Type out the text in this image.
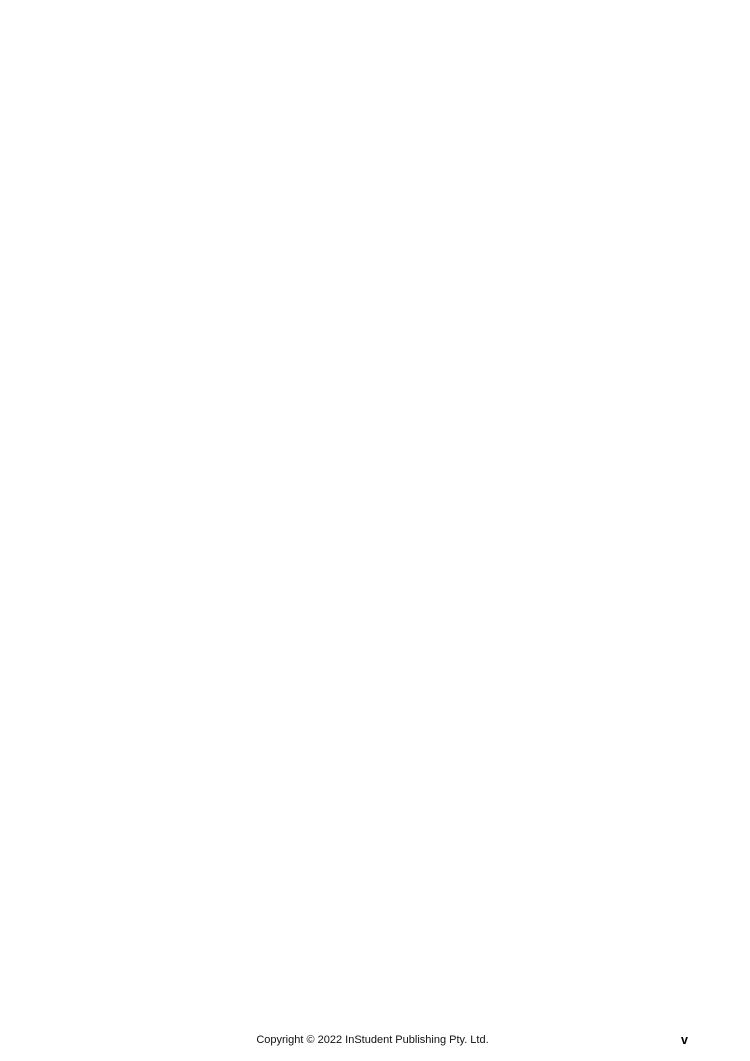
Copyright © 2022 InStudent Publishing Pty. Ltd.	v
